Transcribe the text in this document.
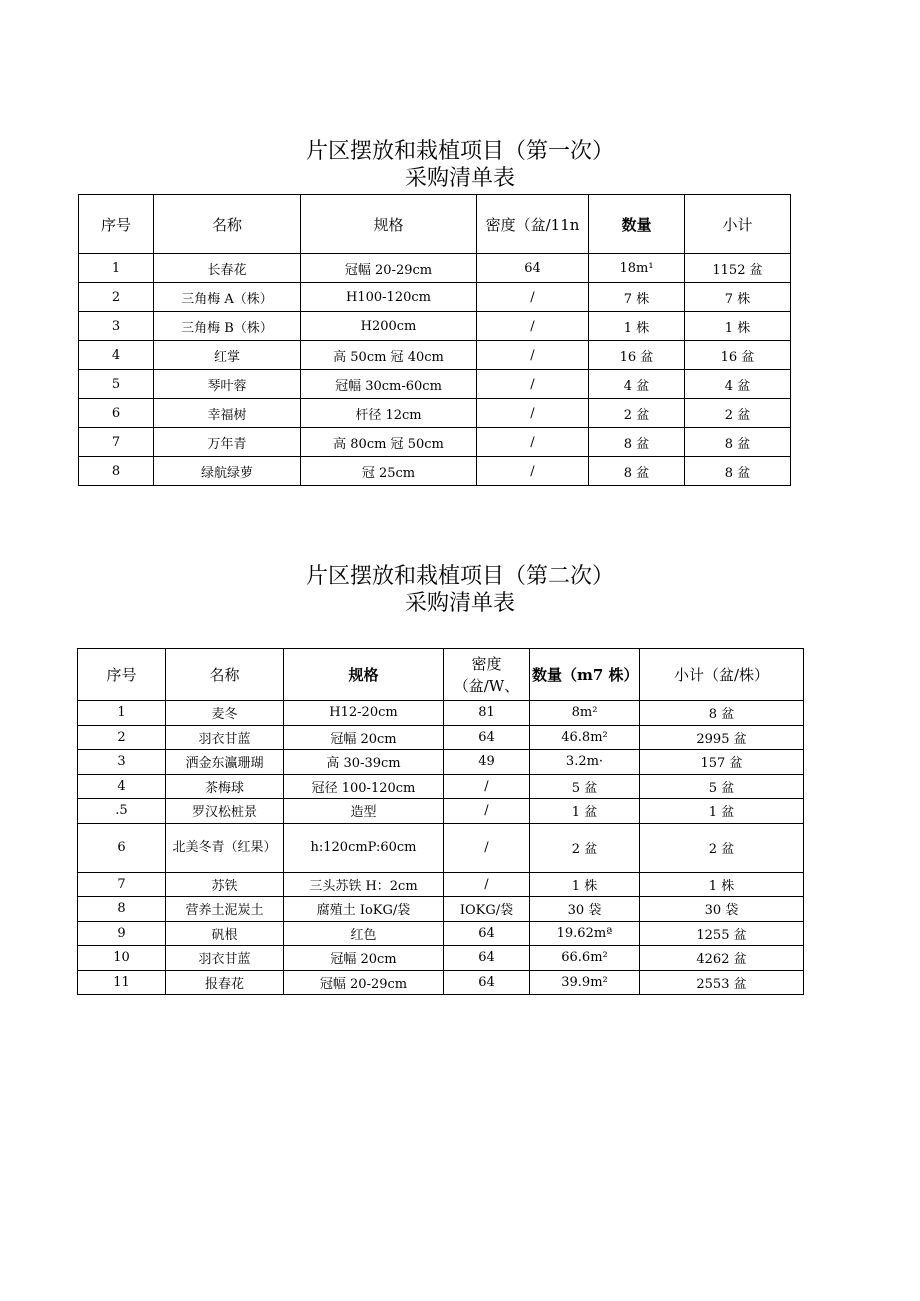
片区摆放和栽植项目（第一次）
采购清单表
序号	名称	规格	密度（盆/11n	数量	小计
1	长春花	冠幅 20-29cm	64	18m¹	1152 盆
2	三角梅 A（株）	H100-120cm	/	7 株	7 株
3	三角梅 B（株）	H200cm	/	1 株	1 株
4	红掌	高 50cm 冠 40cm	/	16 盆	16 盆
5	琴叶蓉	冠幅 30cm-60cm	/	4 盆	4 盆
6	幸福树	杆径 12cm	/	2 盆	2 盆
7	万年青	高 80cm 冠 50cm	/	8 盆	8 盆
8	绿航绿萝	冠 25cm	/	8 盆	8 盆
片区摆放和栽植项目（第二次）
采购清单表
序号	名称	规格	密度（盆/W、	数量（m7 株）	小计（盆/株）
1	麦冬	H12-20cm	81	8m²	8 盆
2	羽衣甘蓝	冠幅 20cm	64	46.8m²	2995 盆
3	洒金东瀛珊瑚	高 30-39cm	49	3.2m·	157 盆
4	茶梅球	冠径 100-120cm	/	5 盆	5 盆
.5	罗汉松桩景	造型	/	1 盆	1 盆
6	北美冬青（红果）	h:120cmP:60cm	/	2 盆	2 盆
7	苏铁	三头苏铁 H：2cm	/	1 株	1 株
8	营养土泥炭土	腐殖土 IoKG/袋	IOKG/袋	30 袋	30 袋
9	矾根	红色	64	19.62mª	1255 盆
10	羽衣甘蓝	冠幅 20cm	64	66.6m²	4262 盆
11	报春花	冠幅 20-29cm	64	39.9m²	2553 盆
